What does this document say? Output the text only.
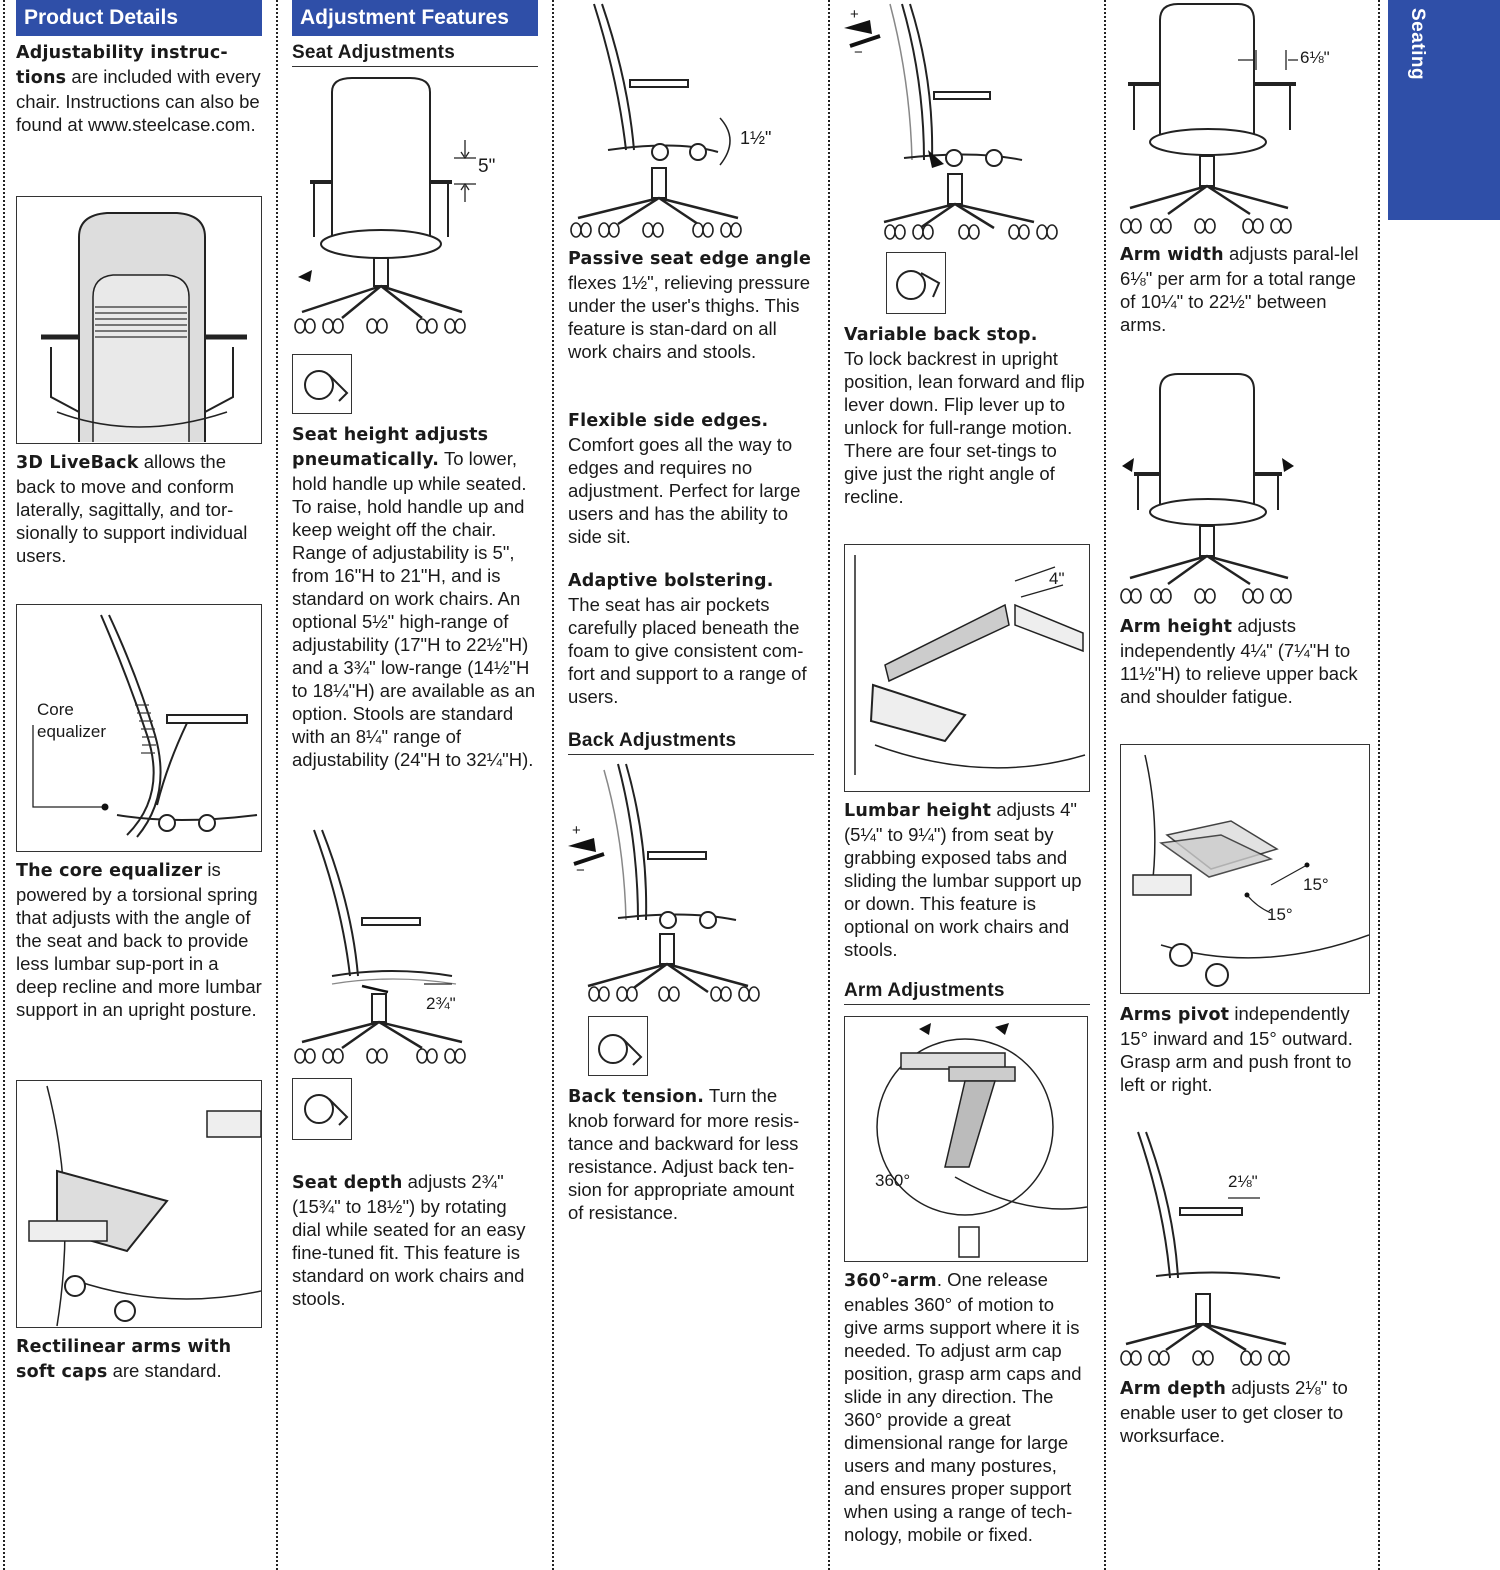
Seating
Product Details

Adjustability instruc-tions are included with every chair. Instructions can also be found at www.steelcase.com.

3D LiveBack allows the back to move and conform laterally, sagittally, and tor-sionally to support individual users.

Core equalizer

The core equalizer is powered by a torsional spring that adjusts with the angle of the seat and back to provide less lumbar sup-port in a deep recline and more lumbar support in an upright posture.

Rectilinear arms with soft caps are standard.

Adjustment Features
Seat Adjustments
5"

Seat height adjusts pneumatically. To lower, hold handle up while seated. To raise, hold handle up and keep weight off the chair. Range of adjustability is 5", from 16"H to 21"H, and is standard on work chairs. An optional 5½" high-range of adjustability (17"H to 22½"H) and a 3¾" low-range (14½"H to 18¼"H) are available as an option. Stools are standard with an 8¼" range of adjustability (24"H to 32¼"H).

2¾"

Seat depth adjusts 2¾" (15¾" to 18½") by rotating dial while seated for an easy fine-tuned fit. This feature is standard on work chairs and stools.

1½"

Passive seat edge angle flexes 1½", relieving pressure under the user's thighs. This feature is stan-dard on all work chairs and stools.

Flexible side edges.
Comfort goes all the way to edges and requires no adjustment. Perfect for large users and has the ability to side sit.

Adaptive bolstering.
The seat has air pockets carefully placed beneath the foam to give consistent com-fort and support to a range of users.

Back Adjustments
+
−

Back tension. Turn the knob forward for more resis-tance and backward for less resistance. Adjust back ten-sion for appropriate amount of resistance.

+
−

Variable back stop.
To lock backrest in upright position, lean forward and flip lever down. Flip lever up to unlock for full-range motion. There are four set-tings to give just the right angle of recline.

4"

Lumbar height adjusts 4" (5¼" to 9¼") from seat by grabbing exposed tabs and sliding the lumbar support up or down. This feature is optional on work chairs and stools.

Arm Adjustments
360°

360°-arm. One release enables 360° of motion to give arms support where it is needed. To adjust arm cap position, grasp arm caps and slide in any direction. The 360° provide a great dimensional range for large users and many postures, and ensures proper support when using a range of tech-nology, mobile or fixed.

6⅛"

Arm width adjusts paral-lel 6⅛" per arm for a total range of 10¼" to 22½" between arms.

Arm height adjusts independently 4¼" (7¼"H to 11½"H) to relieve upper back and shoulder fatigue.

15°
15°

Arms pivot independently 15° inward and 15° outward. Grasp arm and push front to left or right.

2⅛"

Arm depth adjusts 2⅛" to enable user to get closer to worksurface.
